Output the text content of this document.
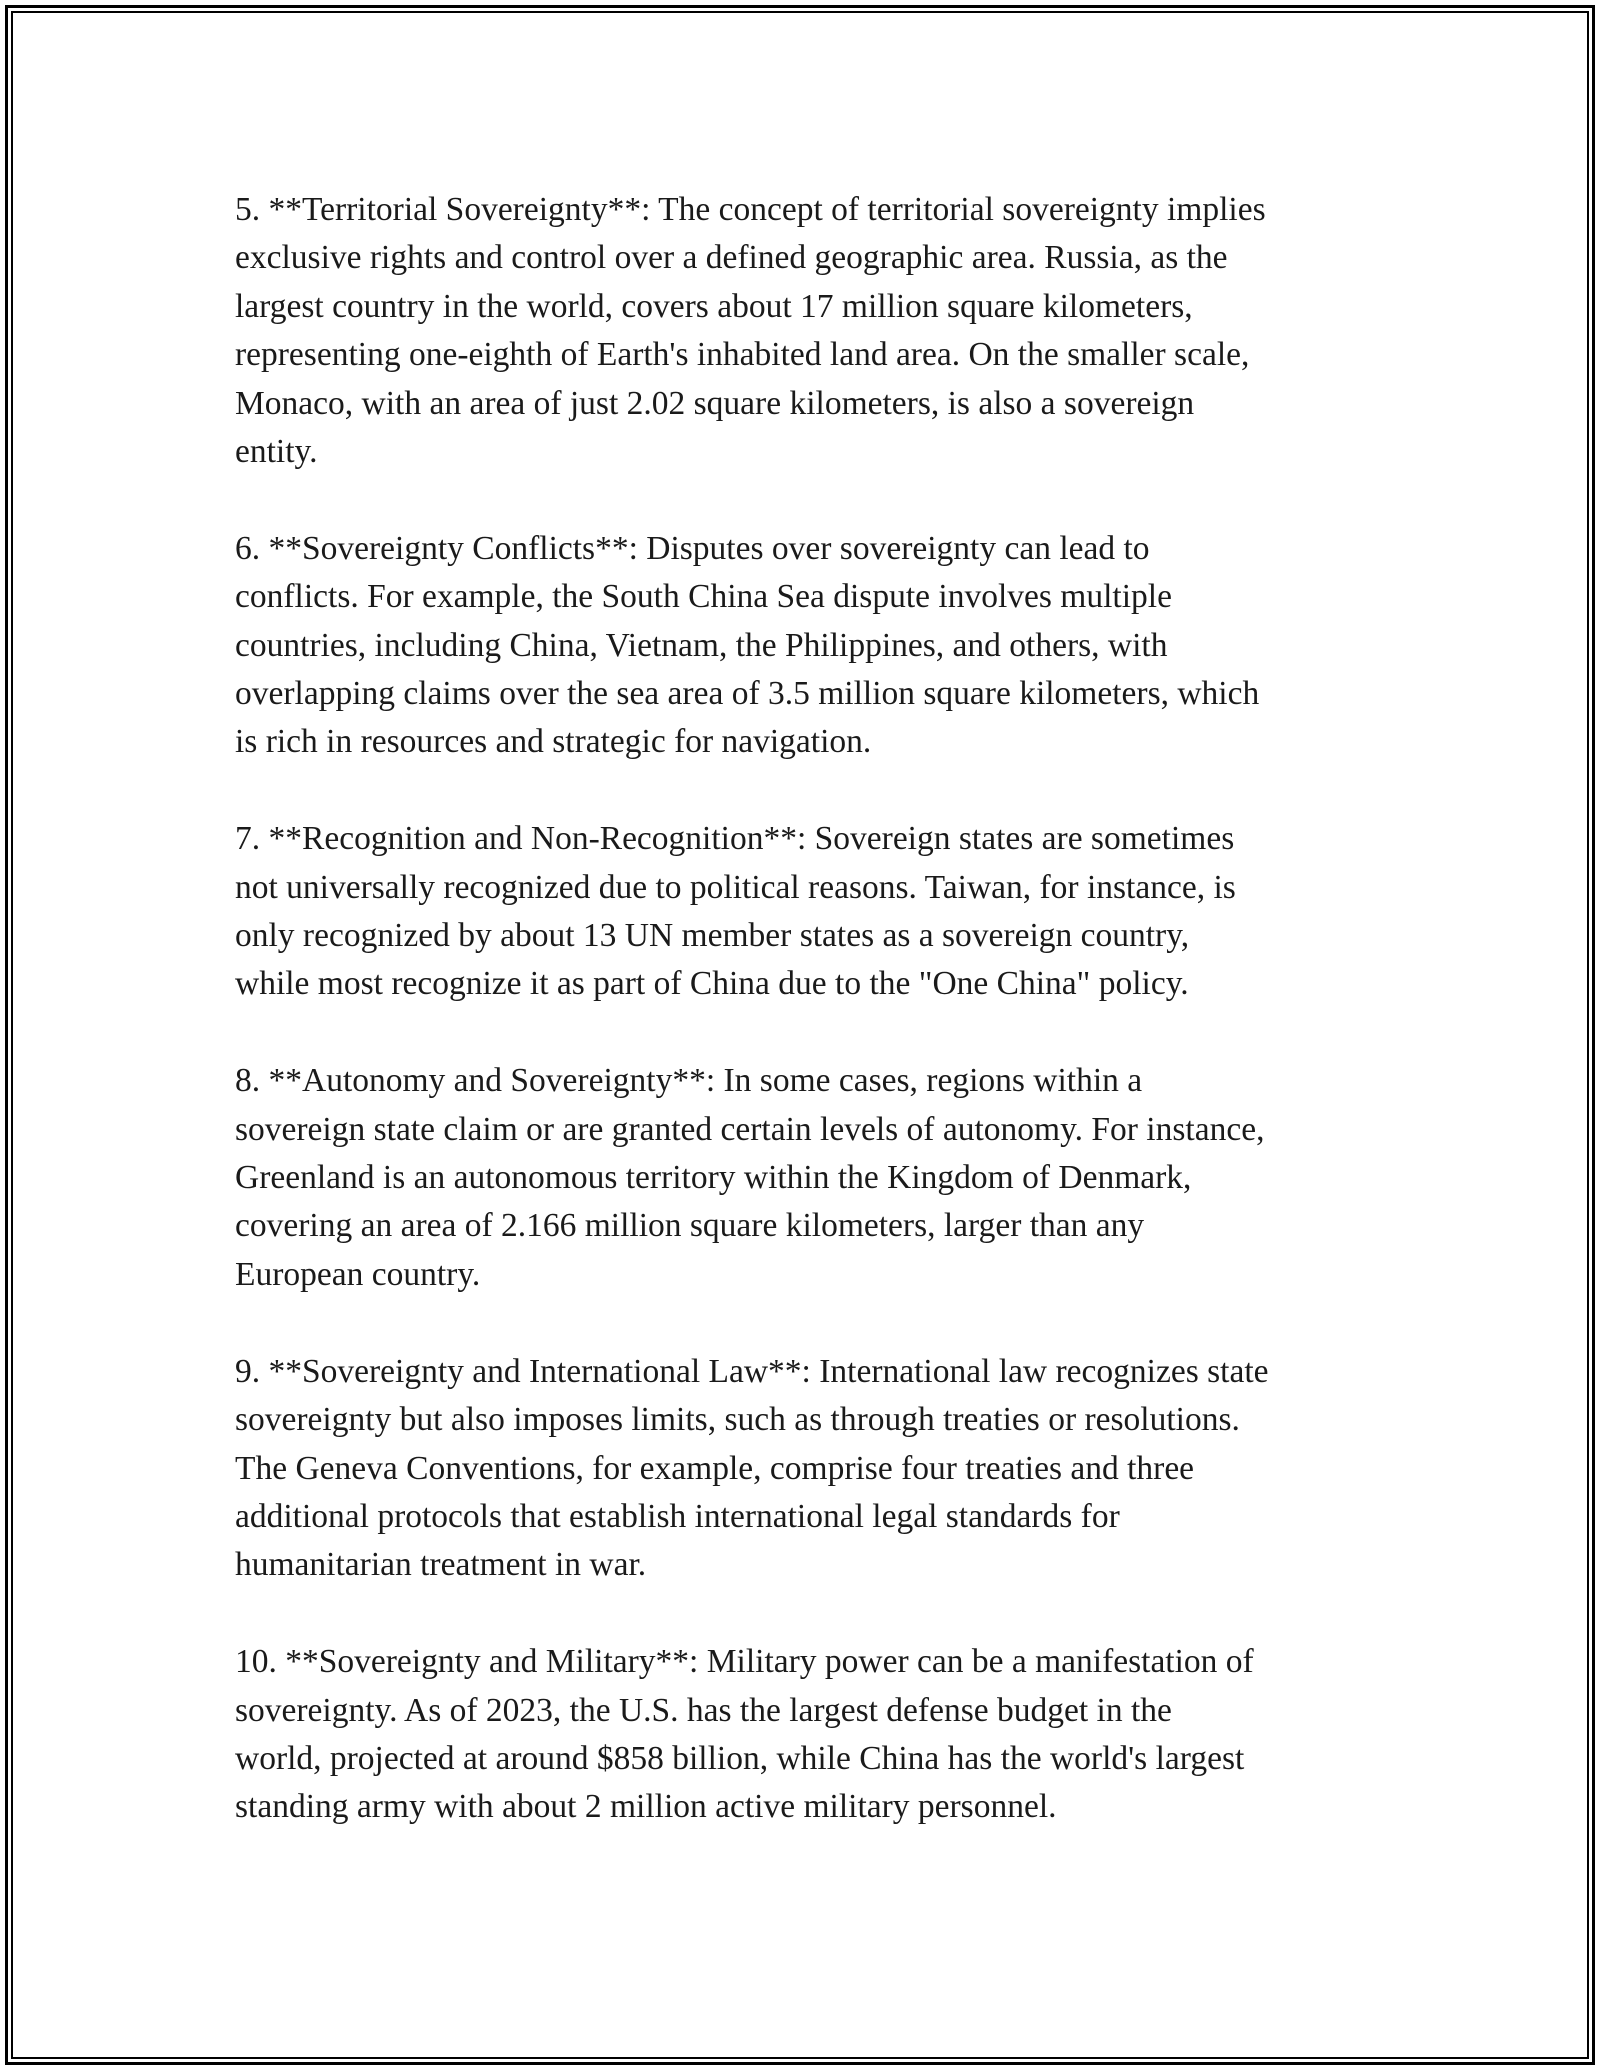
5. **Territorial Sovereignty**: The concept of territorial sovereignty implies
exclusive rights and control over a defined geographic area. Russia, as the
largest country in the world, covers about 17 million square kilometers,
representing one-eighth of Earth's inhabited land area. On the smaller scale,
Monaco, with an area of just 2.02 square kilometers, is also a sovereign
entity.

6. **Sovereignty Conflicts**: Disputes over sovereignty can lead to
conflicts. For example, the South China Sea dispute involves multiple
countries, including China, Vietnam, the Philippines, and others, with
overlapping claims over the sea area of 3.5 million square kilometers, which
is rich in resources and strategic for navigation.

7. **Recognition and Non-Recognition**: Sovereign states are sometimes
not universally recognized due to political reasons. Taiwan, for instance, is
only recognized by about 13 UN member states as a sovereign country,
while most recognize it as part of China due to the "One China" policy.

8. **Autonomy and Sovereignty**: In some cases, regions within a
sovereign state claim or are granted certain levels of autonomy. For instance,
Greenland is an autonomous territory within the Kingdom of Denmark,
covering an area of 2.166 million square kilometers, larger than any
European country.

9. **Sovereignty and International Law**: International law recognizes state
sovereignty but also imposes limits, such as through treaties or resolutions.
The Geneva Conventions, for example, comprise four treaties and three
additional protocols that establish international legal standards for
humanitarian treatment in war.

10. **Sovereignty and Military**: Military power can be a manifestation of
sovereignty. As of 2023, the U.S. has the largest defense budget in the
world, projected at around $858 billion, while China has the world's largest
standing army with about 2 million active military personnel.
